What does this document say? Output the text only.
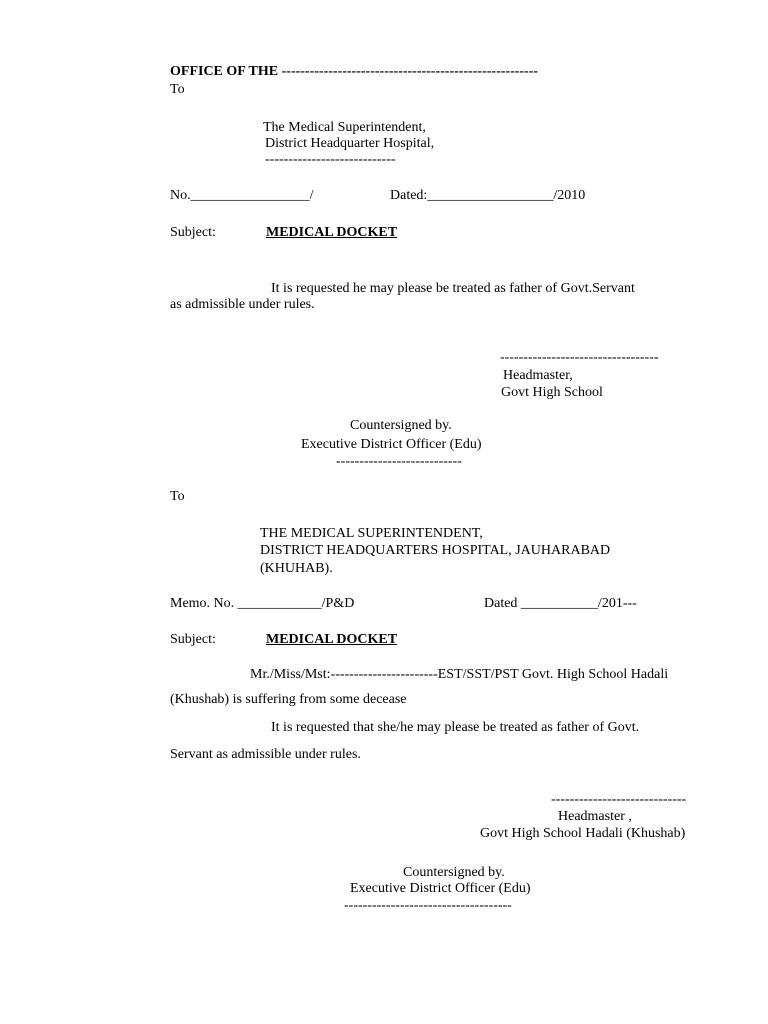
OFFICE OF THE -------------------------------------------------------
To
The Medical Superintendent,
District Headquarter Hospital,
----------------------------
No._________________/	Dated:__________________/2010
Subject:	MEDICAL DOCKET
It is requested he may please be treated as father of Govt.Servant
as admissible under rules.
----------------------------------
Headmaster,
Govt High School
Countersigned by.
Executive District Officer (Edu)
---------------------------
To
THE MEDICAL SUPERINTENDENT,
DISTRICT HEADQUARTERS HOSPITAL, JAUHARABAD
(KHUHAB).
Memo. No. ____________/P&D	Dated ___________/201---
Subject:	MEDICAL DOCKET
Mr./Miss/Mst:-----------------------EST/SST/PST Govt. High School Hadali
(Khushab) is suffering from some decease
It is requested that she/he may please be treated as father of Govt.
Servant as admissible under rules.
-----------------------------
Headmaster ,
Govt High School Hadali (Khushab)
Countersigned by.
Executive District Officer (Edu)
------------------------------------
